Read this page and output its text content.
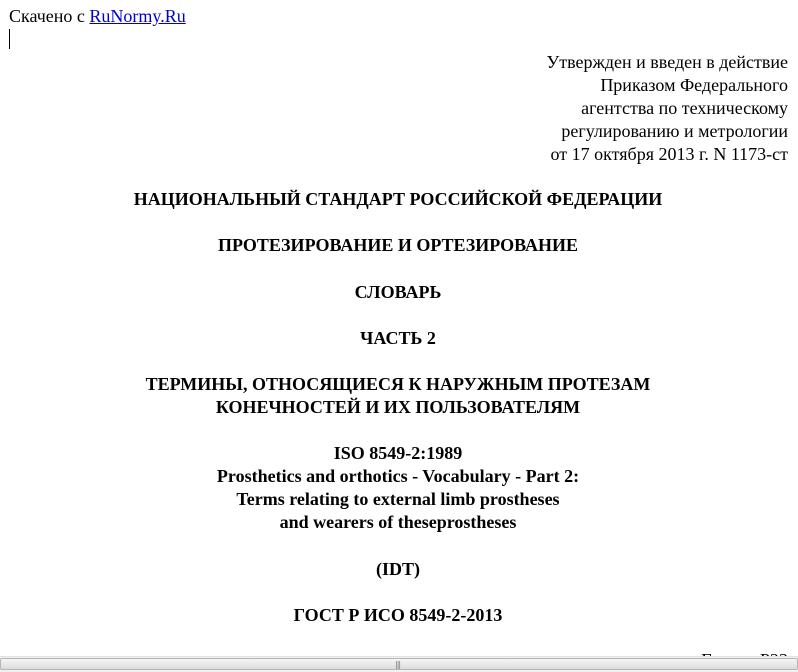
Скачено с RuNormy.Ru
Утвержден и введен в действие
Приказом Федерального
агентства по техническому
регулированию и метрологии
от 17 октября 2013 г. N 1173-ст
НАЦИОНАЛЬНЫЙ СТАНДАРТ РОССИЙСКОЙ ФЕДЕРАЦИИ
ПРОТЕЗИРОВАНИЕ И ОРТЕЗИРОВАНИЕ
СЛОВАРЬ
ЧАСТЬ 2
ТЕРМИНЫ, ОТНОСЯЩИЕСЯ К НАРУЖНЫМ ПРОТЕЗАМ
КОНЕЧНОСТЕЙ И ИХ ПОЛЬЗОВАТЕЛЯМ
ISO 8549-2:1989
Prosthetics and orthotics - Vocabulary - Part 2:
Terms relating to external limb prostheses
and wearers of theseprostheses
(IDT)
ГОСТ Р ИСО 8549-2-2013
|||
